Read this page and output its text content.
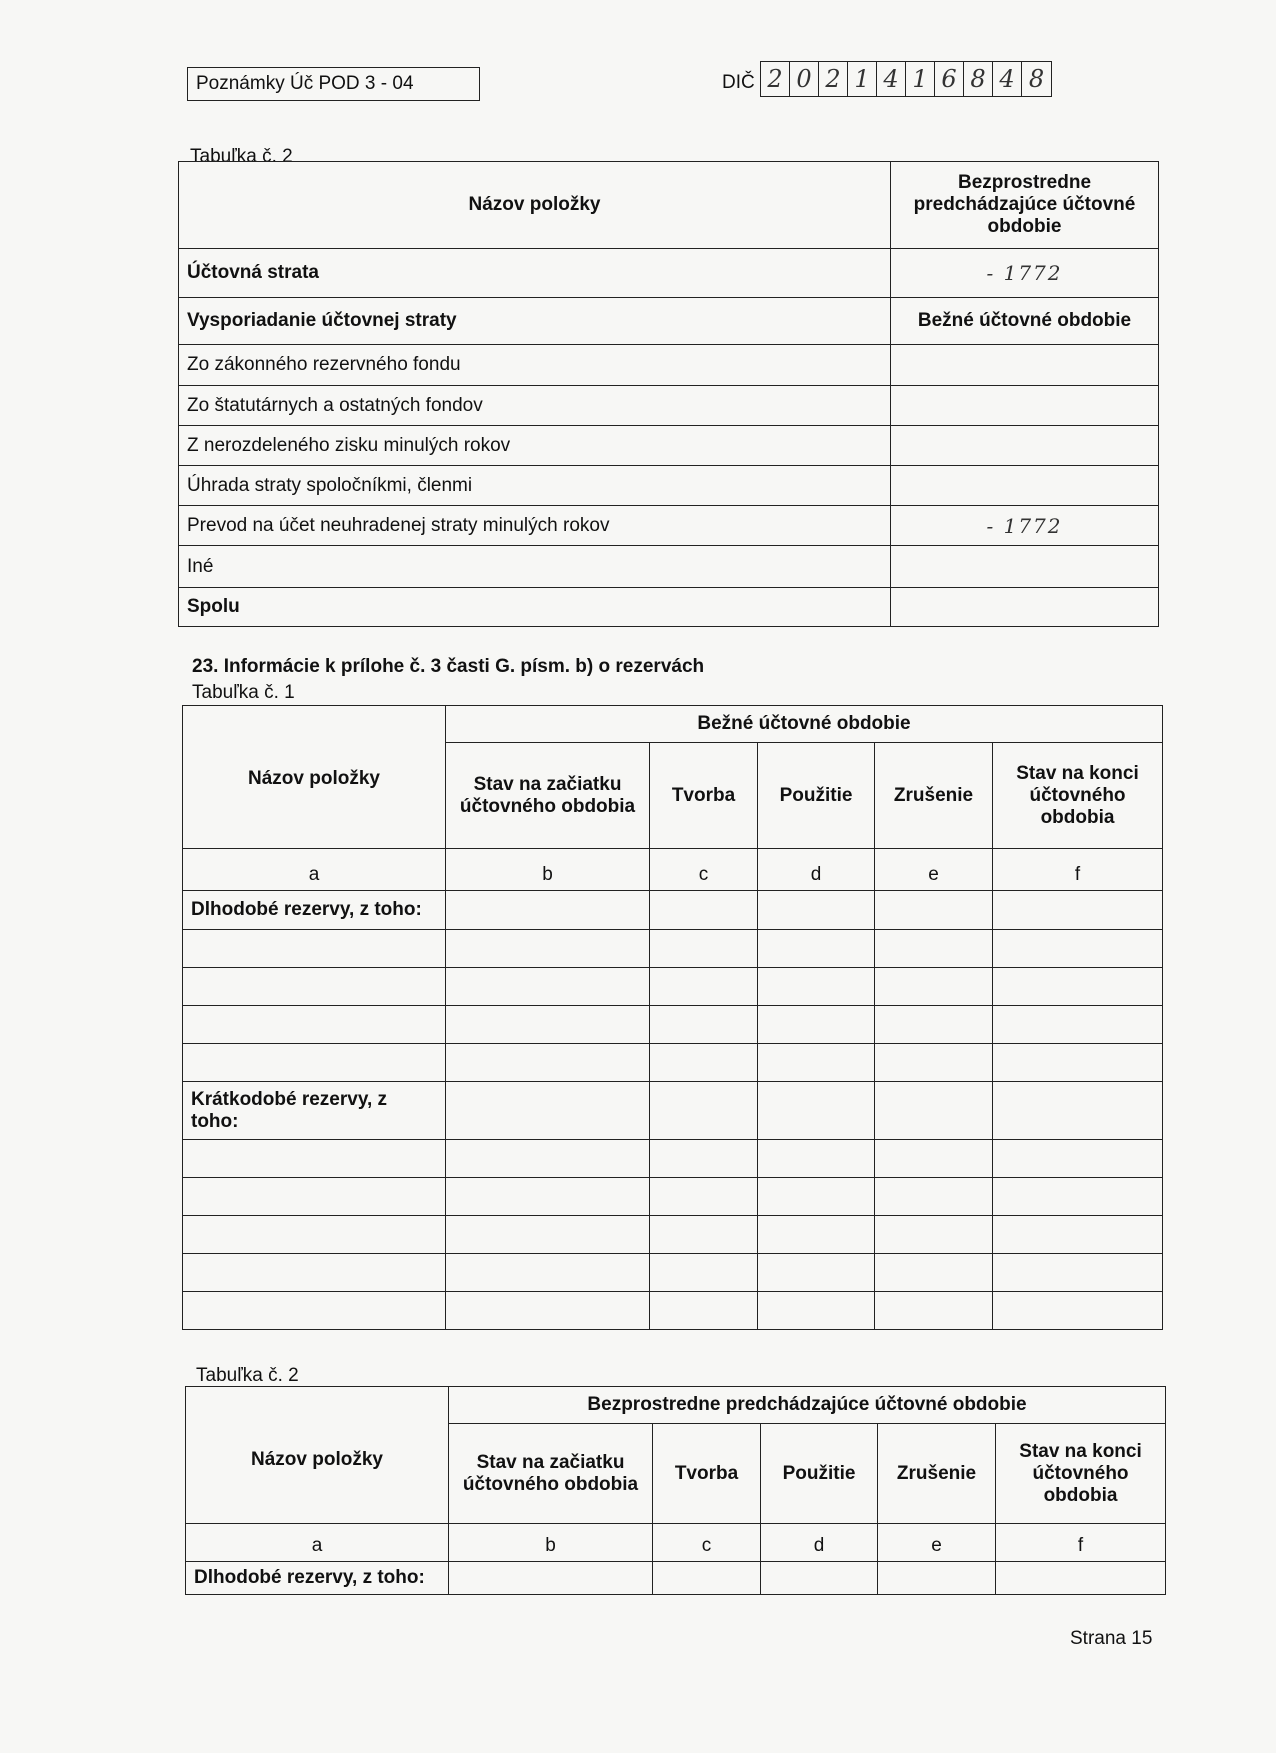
Poznámky Úč POD 3 - 04	DIČ 2 0 2 1 4 1 6 8 4 8
Tabuľka č. 2
Názov položky	Bezprostredne predchádzajúce účtovné obdobie
Účtovná strata	- 1772
Vysporiadanie účtovnej straty	Bežné účtovné obdobie
Zo zákonného rezervného fondu	
Zo štatutárnych a ostatných fondov	
Z nerozdeleného zisku minulých rokov	
Úhrada straty spoločníkmi, členmi	
Prevod na účet neuhradenej straty minulých rokov	- 1772
Iné	
Spolu	
23. Informácie k prílohe č. 3 časti G. písm. b) o rezervách
Tabuľka č. 1
Názov položky	Bežné účtovné obdobie				
	Stav na začiatku účtovného obdobia	Tvorba	Použitie	Zrušenie	Stav na konci účtovného obdobia
a	b	c	d	e	f
Dlhodobé rezervy, z toho:					

Krátkodobé rezervy, z toho:					

Tabuľka č. 2
Názov položky	Bezprostredne predchádzajúce účtovné obdobie				
	Stav na začiatku účtovného obdobia	Tvorba	Použitie	Zrušenie	Stav na konci účtovného obdobia
a	b	c	d	e	f
Dlhodobé rezervy, z toho:					
Strana 15
